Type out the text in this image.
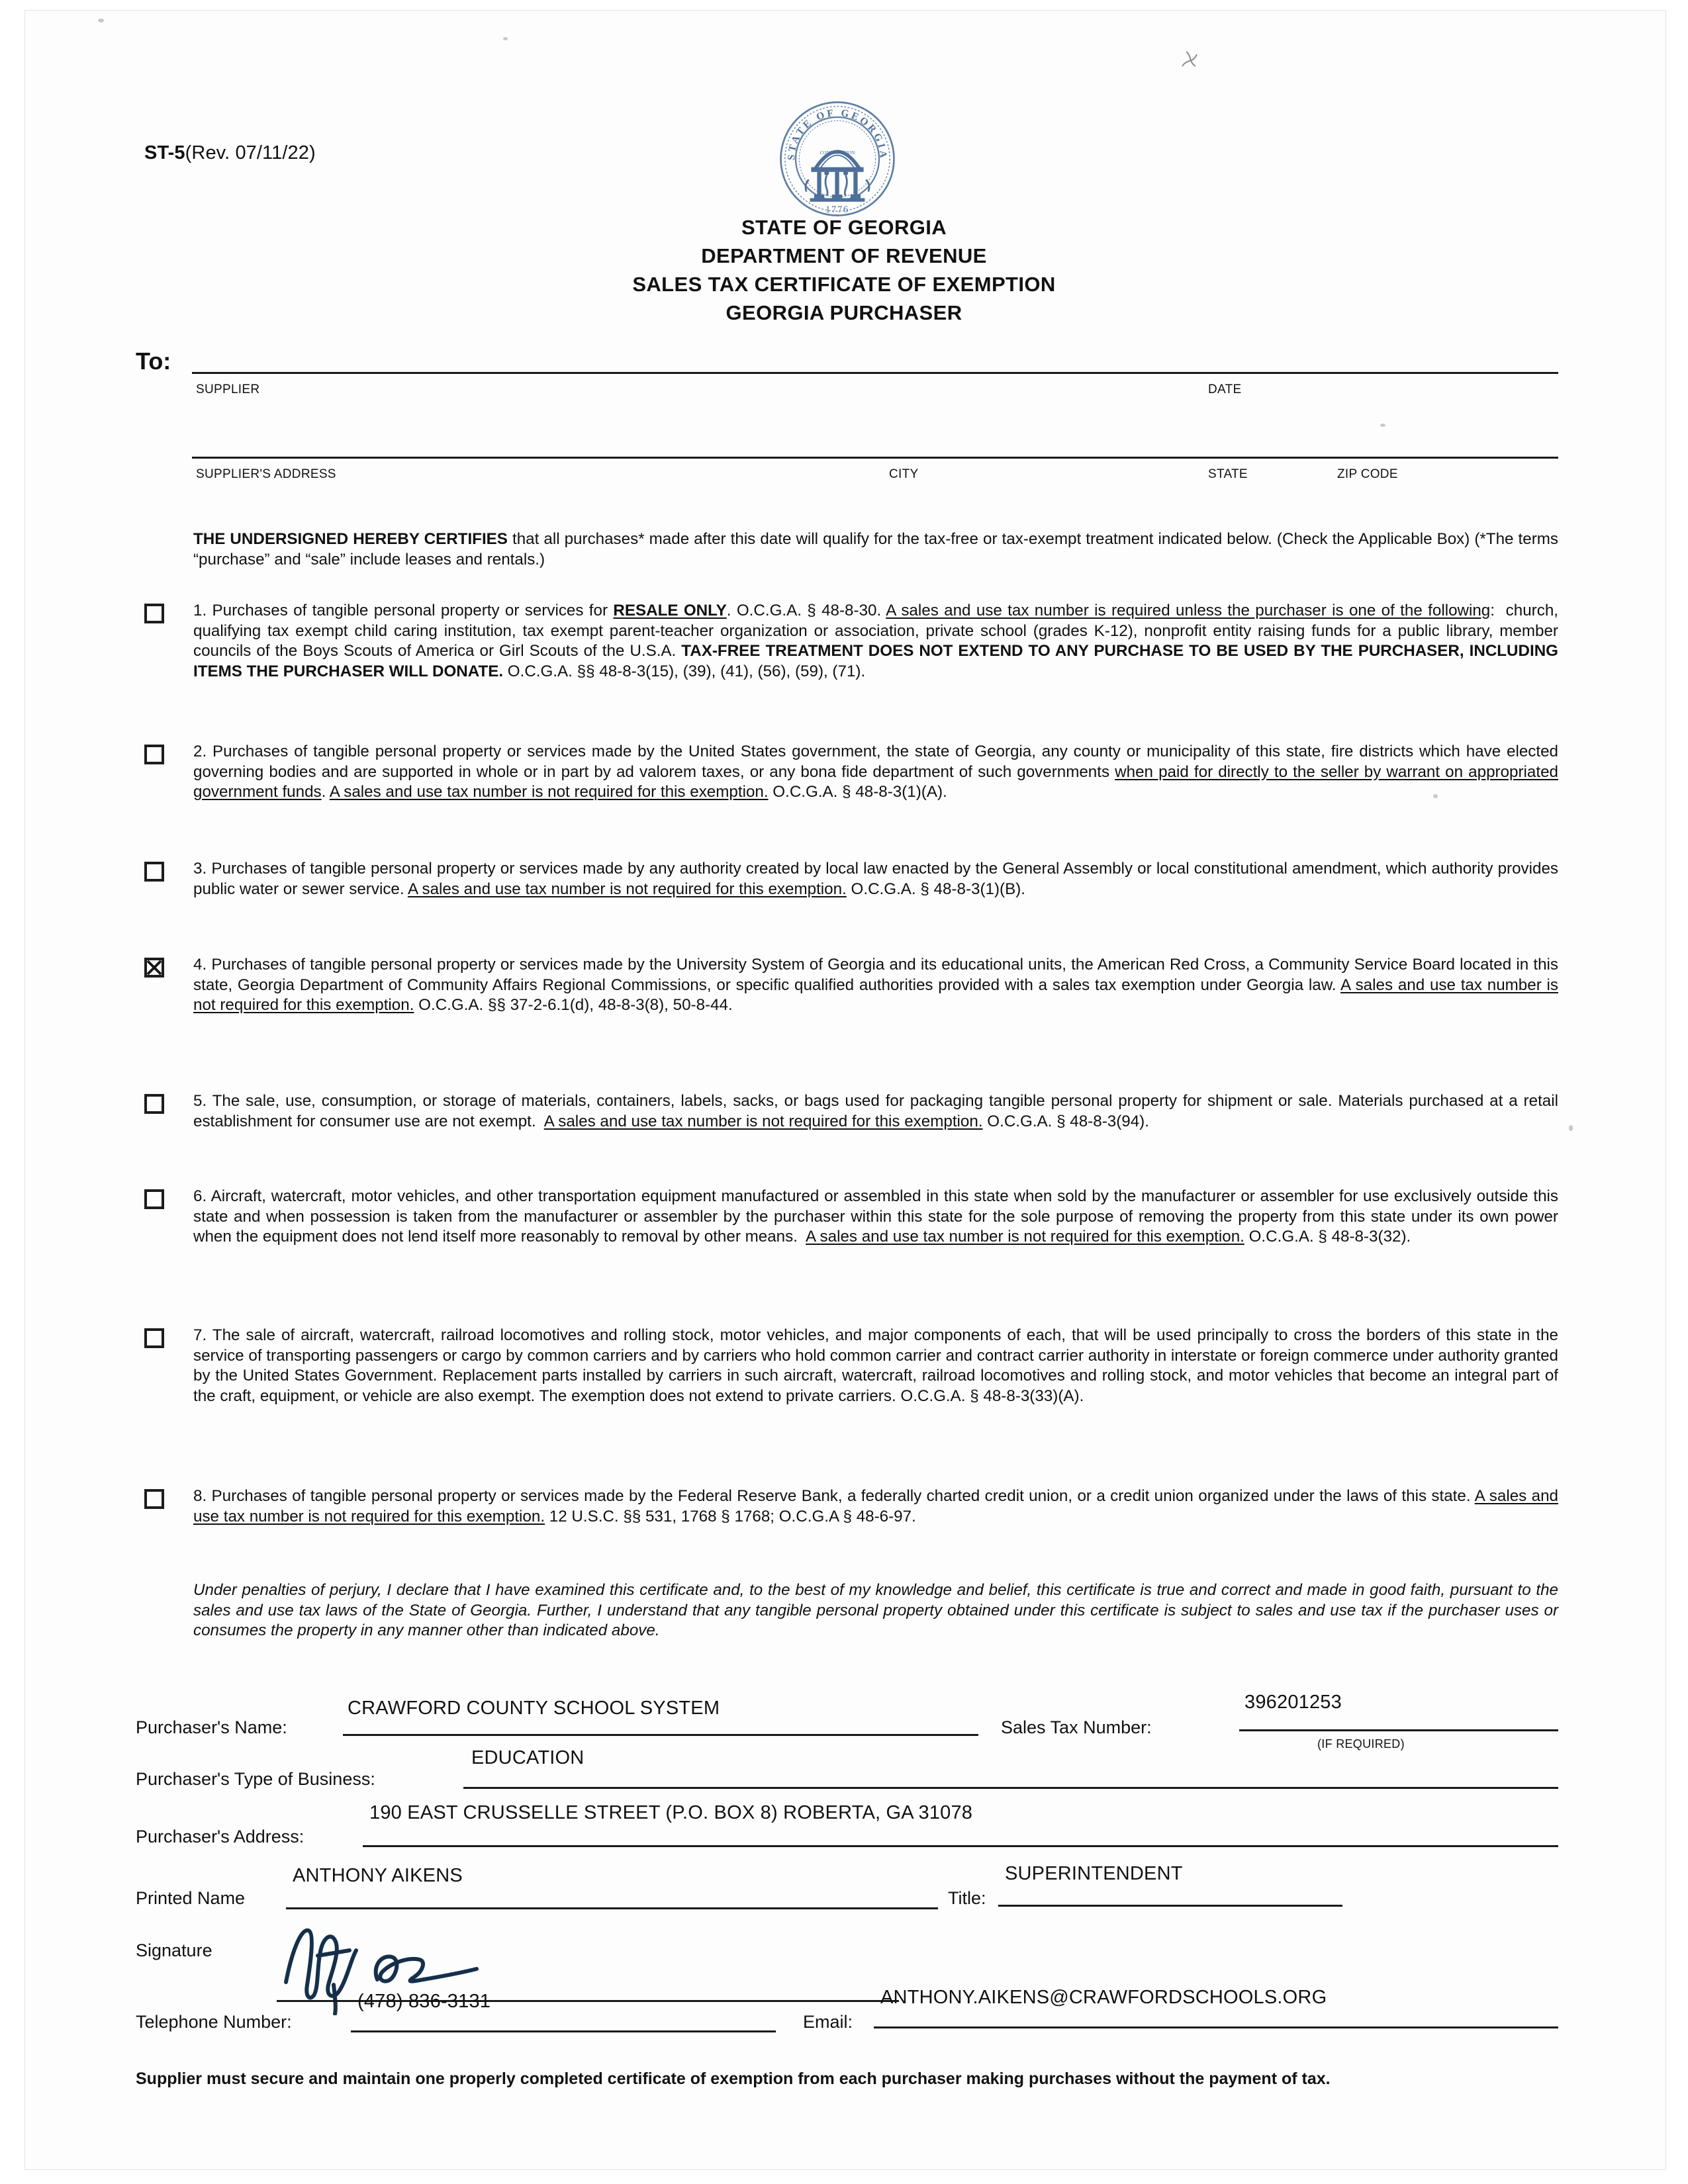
ST-5(Rev. 07/11/22)	STATE OF GEORGIA
CONSTITUTION
1776
STATE OF GEORGIA
DEPARTMENT OF REVENUE
SALES TAX CERTIFICATE OF EXEMPTION
GEORGIA PURCHASER
To:
SUPPLIER	DATE
SUPPLIER'S ADDRESS	CITY	STATE	ZIP CODE
THE UNDERSIGNED HEREBY CERTIFIES that all purchases* made after this date will qualify for the tax-free or tax-exempt treatment indicated below. (Check the Applicable Box) (*The terms “purchase” and “sale” include leases and rentals.)
1. Purchases of tangible personal property or services for RESALE ONLY. O.C.G.A. § 48-8-30. A sales and use tax number is required unless the purchaser is one of the following:  church, qualifying tax exempt child caring institution, tax exempt parent-teacher organization or association, private school (grades K-12), nonprofit entity raising funds for a public library, member councils of the Boys Scouts of America or Girl Scouts of the U.S.A. TAX-FREE TREATMENT DOES NOT EXTEND TO ANY PURCHASE TO BE USED BY THE PURCHASER, INCLUDING ITEMS THE PURCHASER WILL DONATE. O.C.G.A. §§ 48-8-3(15), (39), (41), (56), (59), (71).
2. Purchases of tangible personal property or services made by the United States government, the state of Georgia, any county or municipality of this state, fire districts which have elected governing bodies and are supported in whole or in part by ad valorem taxes, or any bona fide department of such governments when paid for directly to the seller by warrant on appropriated government funds. A sales and use tax number is not required for this exemption. O.C.G.A. § 48-8-3(1)(A).
3. Purchases of tangible personal property or services made by any authority created by local law enacted by the General Assembly or local constitutional amendment, which authority provides public water or sewer service. A sales and use tax number is not required for this exemption. O.C.G.A. § 48-8-3(1)(B).
4. Purchases of tangible personal property or services made by the University System of Georgia and its educational units, the American Red Cross, a Community Service Board located in this state, Georgia Department of Community Affairs Regional Commissions, or specific qualified authorities provided with a sales tax exemption under Georgia law. A sales and use tax number is not required for this exemption. O.C.G.A. §§ 37-2-6.1(d), 48-8-3(8), 50-8-44.
5. The sale, use, consumption, or storage of materials, containers, labels, sacks, or bags used for packaging tangible personal property for shipment or sale. Materials purchased at a retail establishment for consumer use are not exempt.  A sales and use tax number is not required for this exemption. O.C.G.A. § 48-8-3(94).
6. Aircraft, watercraft, motor vehicles, and other transportation equipment manufactured or assembled in this state when sold by the manufacturer or assembler for use exclusively outside this state and when possession is taken from the manufacturer or assembler by the purchaser within this state for the sole purpose of removing the property from this state under its own power when the equipment does not lend itself more reasonably to removal by other means.  A sales and use tax number is not required for this exemption. O.C.G.A. § 48-8-3(32).
7. The sale of aircraft, watercraft, railroad locomotives and rolling stock, motor vehicles, and major components of each, that will be used principally to cross the borders of this state in the service of transporting passengers or cargo by common carriers and by carriers who hold common carrier and contract carrier authority in interstate or foreign commerce under authority granted by the United States Government. Replacement parts installed by carriers in such aircraft, watercraft, railroad locomotives and rolling stock, and motor vehicles that become an integral part of the craft, equipment, or vehicle are also exempt. The exemption does not extend to private carriers. O.C.G.A. § 48-8-3(33)(A).
8. Purchases of tangible personal property or services made by the Federal Reserve Bank, a federally charted credit union, or a credit union organized under the laws of this state. A sales and use tax number is not required for this exemption. 12 U.S.C. §§ 531, 1768 § 1768; O.C.G.A § 48-6-97.
Under penalties of perjury, I declare that I have examined this certificate and, to the best of my knowledge and belief, this certificate is true and correct and made in good faith, pursuant to the sales and use tax laws of the State of Georgia. Further, I understand that any tangible personal property obtained under this certificate is subject to sales and use tax if the purchaser uses or consumes the property in any manner other than indicated above.
Purchaser's Name:
CRAWFORD COUNTY SCHOOL SYSTEM
Sales Tax Number:
396201253
(IF REQUIRED)
Purchaser's Type of Business:
EDUCATION
Purchaser's Address:
190 EAST CRUSSELLE STREET (P.O. BOX 8) ROBERTA, GA 31078
Printed Name
ANTHONY AIKENS
Title:
SUPERINTENDENT
Signature
Telephone Number:
(478) 836-3131
Email:
ANTHONY.AIKENS@CRAWFORDSCHOOLS.ORG
Supplier must secure and maintain one properly completed certificate of exemption from each purchaser making purchases without the payment of tax.
